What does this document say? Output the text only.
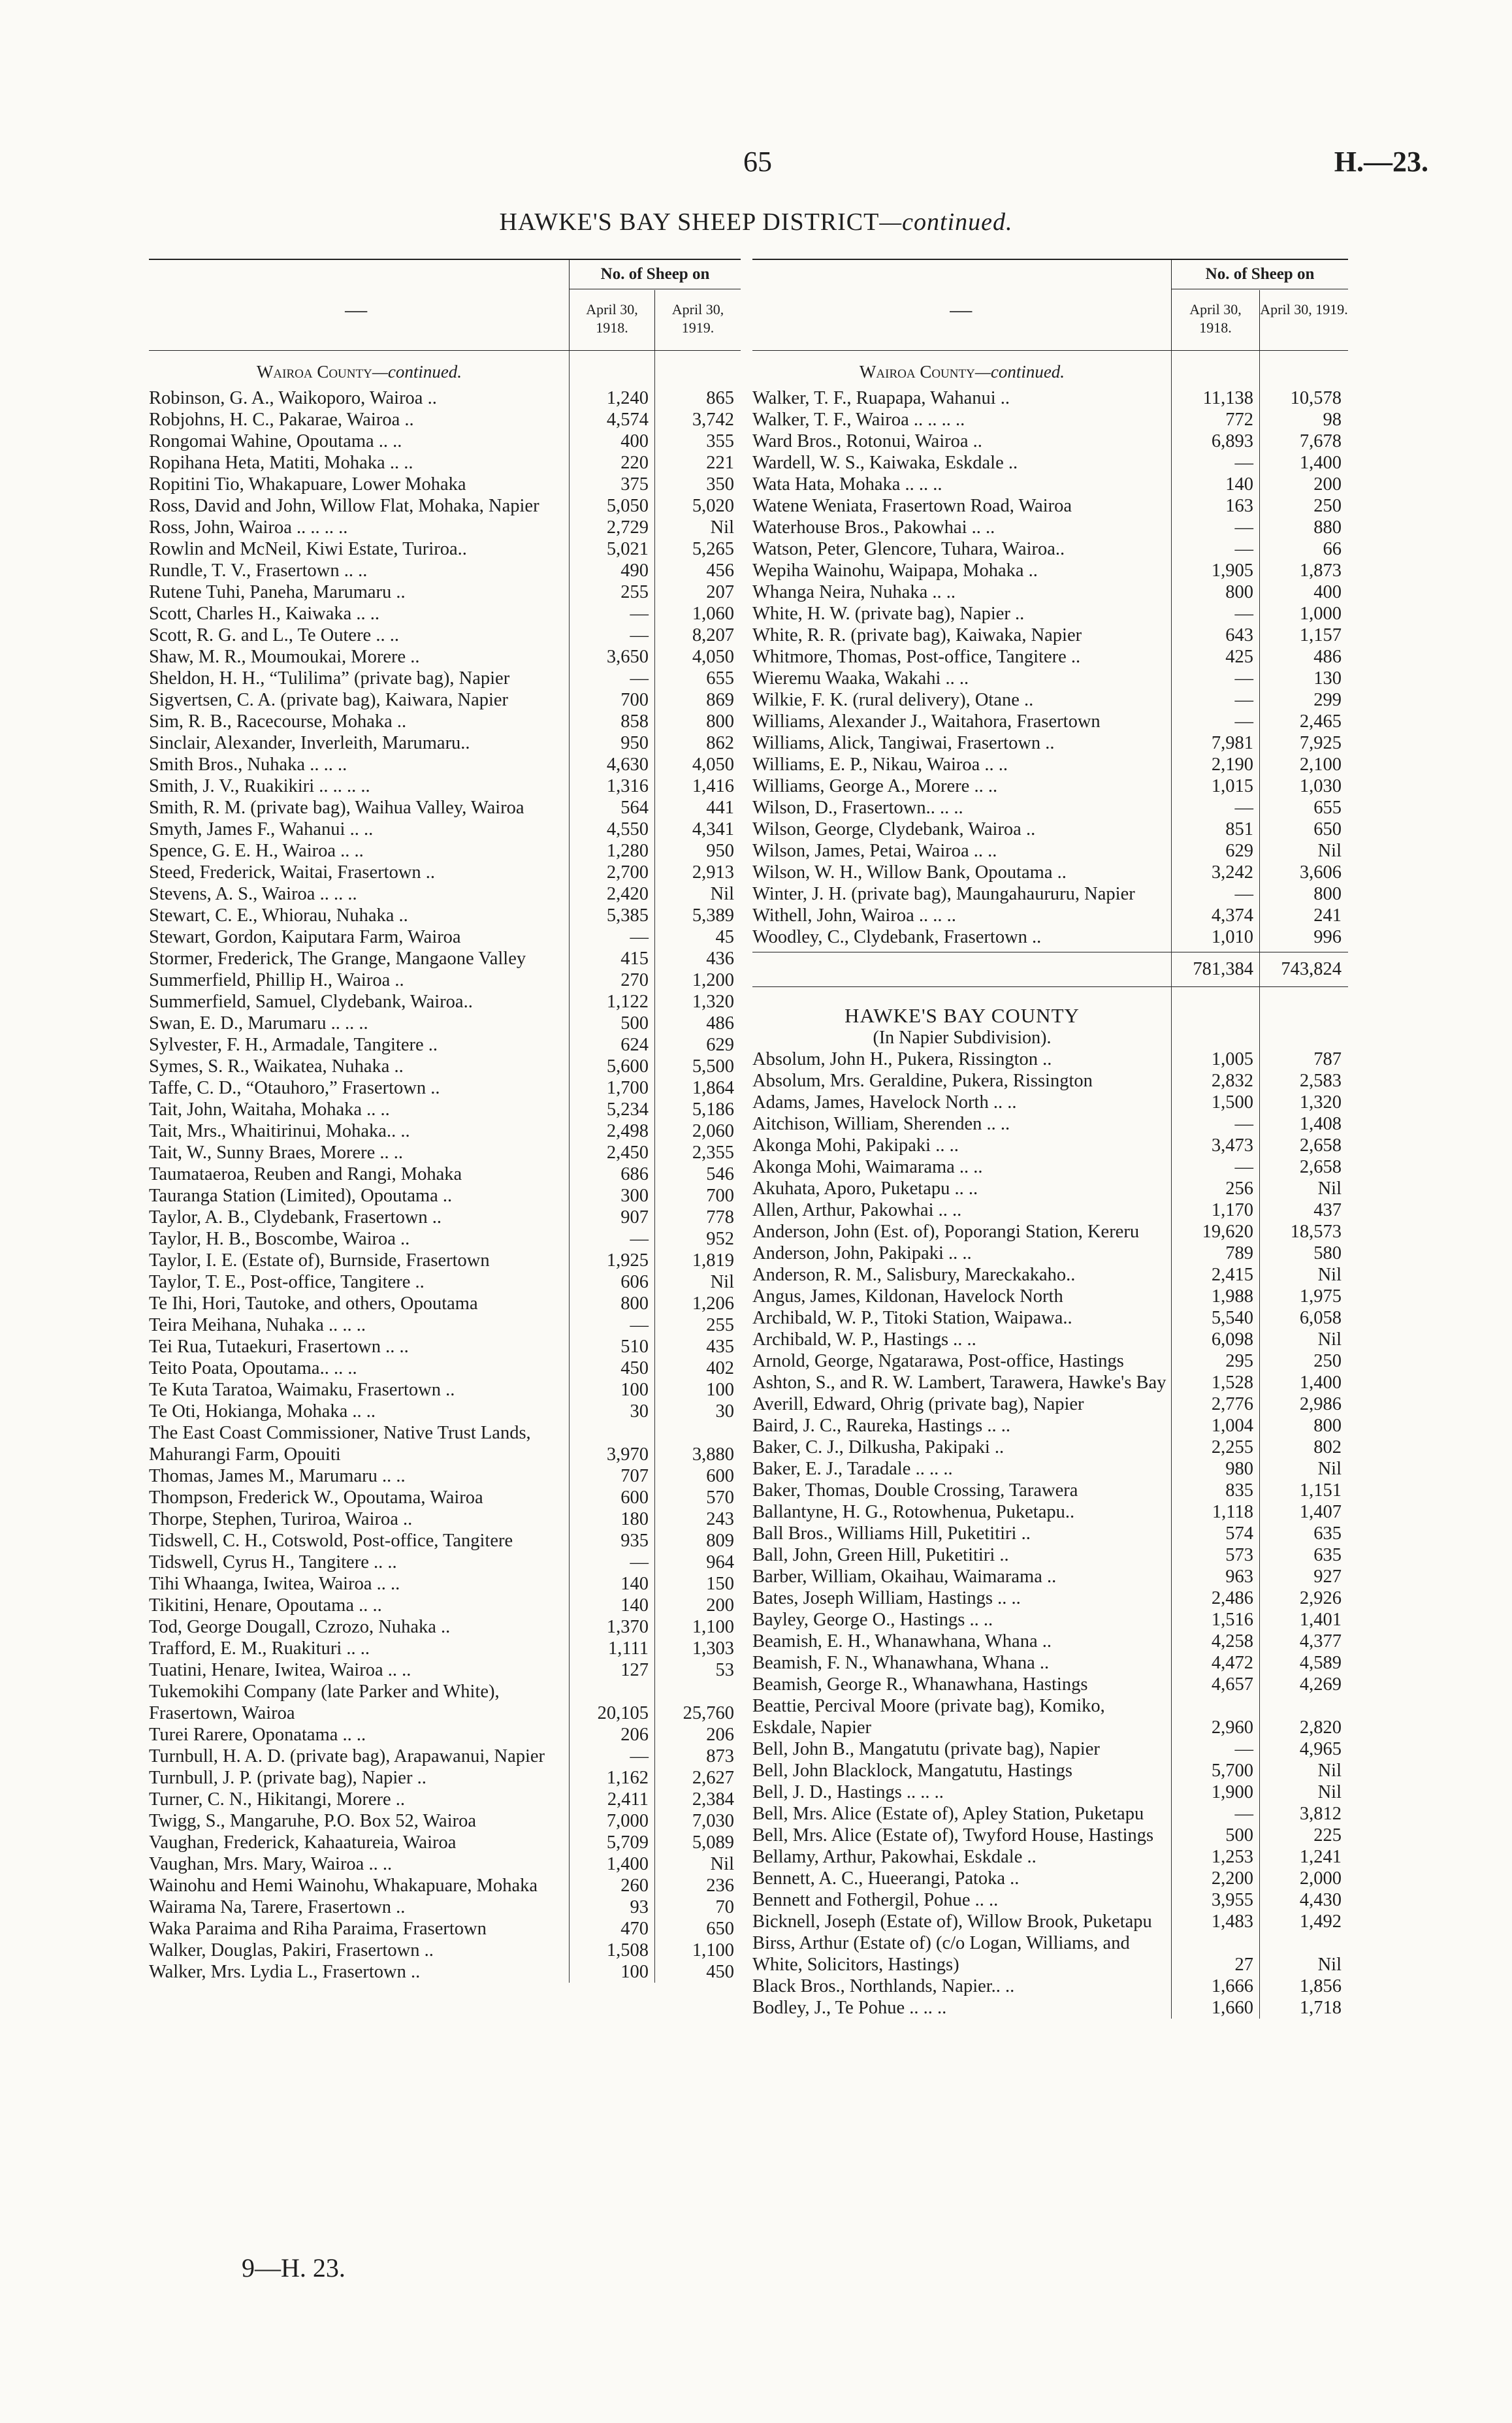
65	H.—23.
HAWKE'S BAY SHEEP DISTRICT—continued.
—
No. of Sheep on
April 30, 1918.
April 30, 1919.
Wairoa County—continued.
Robinson, G. A., Waikoporo, Wairoa ..	1,240	865
Robjohns, H. C., Pakarae, Wairoa ..	4,574	3,742
Rongomai Wahine, Opoutama .. ..	400	355
Ropihana Heta, Matiti, Mohaka .. ..	220	221
Ropitini Tio, Whakapuare, Lower Mohaka	375	350
Ross, David and John, Willow Flat, Mohaka, Napier	5,050	5,020
Ross, John, Wairoa .. .. .. ..	2,729	Nil
Rowlin and McNeil, Kiwi Estate, Turiroa..	5,021	5,265
Rundle, T. V., Frasertown .. ..	490	456
Rutene Tuhi, Paneha, Marumaru ..	255	207
Scott, Charles H., Kaiwaka .. ..	—	1,060
Scott, R. G. and L., Te Outere .. ..	—	8,207
Shaw, M. R., Moumoukai, Morere ..	3,650	4,050
Sheldon, H. H., “Tulilima” (private bag), Napier	—	655
Sigvertsen, C. A. (private bag), Kaiwara, Napier	700	869
Sim, R. B., Racecourse, Mohaka ..	858	800
Sinclair, Alexander, Inverleith, Marumaru..	950	862
Smith Bros., Nuhaka .. .. ..	4,630	4,050
Smith, J. V., Ruakikiri .. .. .. ..	1,316	1,416
Smith, R. M. (private bag), Waihua Valley, Wairoa	564	441
Smyth, James F., Wahanui .. ..	4,550	4,341
Spence, G. E. H., Wairoa .. ..	1,280	950
Steed, Frederick, Waitai, Frasertown ..	2,700	2,913
Stevens, A. S., Wairoa .. .. ..	2,420	Nil
Stewart, C. E., Whiorau, Nuhaka ..	5,385	5,389
Stewart, Gordon, Kaiputara Farm, Wairoa	—	45
Stormer, Frederick, The Grange, Mangaone Valley	415	436
Summerfield, Phillip H., Wairoa ..	270	1,200
Summerfield, Samuel, Clydebank, Wairoa..	1,122	1,320
Swan, E. D., Marumaru .. .. ..	500	486
Sylvester, F. H., Armadale, Tangitere ..	624	629
Symes, S. R., Waikatea, Nuhaka ..	5,600	5,500
Taffe, C. D., “Otauhoro,” Frasertown ..	1,700	1,864
Tait, John, Waitaha, Mohaka .. ..	5,234	5,186
Tait, Mrs., Whaitirinui, Mohaka.. ..	2,498	2,060
Tait, W., Sunny Braes, Morere .. ..	2,450	2,355
Taumataeroa, Reuben and Rangi, Mohaka	686	546
Tauranga Station (Limited), Opoutama ..	300	700
Taylor, A. B., Clydebank, Frasertown ..	907	778
Taylor, H. B., Boscombe, Wairoa ..	—	952
Taylor, I. E. (Estate of), Burnside, Frasertown	1,925	1,819
Taylor, T. E., Post-office, Tangitere ..	606	Nil
Te Ihi, Hori, Tautoke, and others, Opoutama	800	1,206
Teira Meihana, Nuhaka .. .. ..	—	255
Tei Rua, Tutaekuri, Frasertown .. ..	510	435
Teito Poata, Opoutama.. .. ..	450	402
Te Kuta Taratoa, Waimaku, Frasertown ..	100	100
Te Oti, Hokianga, Mohaka .. ..	30	30
The East Coast Commissioner, Native Trust Lands, Mahurangi Farm, Opouiti	3,970	3,880
Thomas, James M., Marumaru .. ..	707	600
Thompson, Frederick W., Opoutama, Wairoa	600	570
Thorpe, Stephen, Turiroa, Wairoa ..	180	243
Tidswell, C. H., Cotswold, Post-office, Tangitere	935	809
Tidswell, Cyrus H., Tangitere .. ..	—	964
Tihi Whaanga, Iwitea, Wairoa .. ..	140	150
Tikitini, Henare, Opoutama .. ..	140	200
Tod, George Dougall, Czrozo, Nuhaka ..	1,370	1,100
Trafford, E. M., Ruakituri .. ..	1,111	1,303
Tuatini, Henare, Iwitea, Wairoa .. ..	127	53
Tukemokihi Company (late Parker and White), Frasertown, Wairoa	20,105	25,760
Turei Rarere, Oponatama .. ..	206	206
Turnbull, H. A. D. (private bag), Arapawanui, Napier	—	873
Turnbull, J. P. (private bag), Napier ..	1,162	2,627
Turner, C. N., Hikitangi, Morere ..	2,411	2,384
Twigg, S., Mangaruhe, P.O. Box 52, Wairoa	7,000	7,030
Vaughan, Frederick, Kahaatureia, Wairoa	5,709	5,089
Vaughan, Mrs. Mary, Wairoa .. ..	1,400	Nil
Wainohu and Hemi Wainohu, Whakapuare, Mohaka	260	236
Wairama Na, Tarere, Frasertown ..	93	70
Waka Paraima and Riha Paraima, Frasertown	470	650
Walker, Douglas, Pakiri, Frasertown ..	1,508	1,100
Walker, Mrs. Lydia L., Frasertown ..	100	450
—
No. of Sheep on
April 30, 1918.
April 30, 1919.
Wairoa County—continued.
Walker, T. F., Ruapapa, Wahanui ..	11,138	10,578
Walker, T. F., Wairoa .. .. .. ..	772	98
Ward Bros., Rotonui, Wairoa ..	6,893	7,678
Wardell, W. S., Kaiwaka, Eskdale ..	—	1,400
Wata Hata, Mohaka .. .. ..	140	200
Watene Weniata, Frasertown Road, Wairoa	163	250
Waterhouse Bros., Pakowhai .. ..	—	880
Watson, Peter, Glencore, Tuhara, Wairoa..	—	66
Wepiha Wainohu, Waipapa, Mohaka ..	1,905	1,873
Whanga Neira, Nuhaka .. ..	800	400
White, H. W. (private bag), Napier ..	—	1,000
White, R. R. (private bag), Kaiwaka, Napier	643	1,157
Whitmore, Thomas, Post-office, Tangitere ..	425	486
Wieremu Waaka, Wakahi .. ..	—	130
Wilkie, F. K. (rural delivery), Otane ..	—	299
Williams, Alexander J., Waitahora, Frasertown	—	2,465
Williams, Alick, Tangiwai, Frasertown ..	7,981	7,925
Williams, E. P., Nikau, Wairoa .. ..	2,190	2,100
Williams, George A., Morere .. ..	1,015	1,030
Wilson, D., Frasertown.. .. ..	—	655
Wilson, George, Clydebank, Wairoa ..	851	650
Wilson, James, Petai, Wairoa .. ..	629	Nil
Wilson, W. H., Willow Bank, Opoutama ..	3,242	3,606
Winter, J. H. (private bag), Maungahaururu, Napier	—	800
Withell, John, Wairoa .. .. ..	4,374	241
Woodley, C., Clydebank, Frasertown ..	1,010	996
781,384	743,824
HAWKE'S BAY COUNTY
(In Napier Subdivision).
Absolum, John H., Pukera, Rissington ..	1,005	787
Absolum, Mrs. Geraldine, Pukera, Rissington	2,832	2,583
Adams, James, Havelock North .. ..	1,500	1,320
Aitchison, William, Sherenden .. ..	—	1,408
Akonga Mohi, Pakipaki .. ..	3,473	2,658
Akonga Mohi, Waimarama .. ..	—	2,658
Akuhata, Aporo, Puketapu .. ..	256	Nil
Allen, Arthur, Pakowhai .. ..	1,170	437
Anderson, John (Est. of), Poporangi Station, Kereru	19,620	18,573
Anderson, John, Pakipaki .. ..	789	580
Anderson, R. M., Salisbury, Mareckakaho..	2,415	Nil
Angus, James, Kildonan, Havelock North	1,988	1,975
Archibald, W. P., Titoki Station, Waipawa..	5,540	6,058
Archibald, W. P., Hastings .. ..	6,098	Nil
Arnold, George, Ngatarawa, Post-office, Hastings	295	250
Ashton, S., and R. W. Lambert, Tarawera, Hawke's Bay	1,528	1,400
Averill, Edward, Ohrig (private bag), Napier	2,776	2,986
Baird, J. C., Raureka, Hastings .. ..	1,004	800
Baker, C. J., Dilkusha, Pakipaki ..	2,255	802
Baker, E. J., Taradale .. .. ..	980	Nil
Baker, Thomas, Double Crossing, Tarawera	835	1,151
Ballantyne, H. G., Rotowhenua, Puketapu..	1,118	1,407
Ball Bros., Williams Hill, Puketitiri ..	574	635
Ball, John, Green Hill, Puketitiri ..	573	635
Barber, William, Okaihau, Waimarama ..	963	927
Bates, Joseph William, Hastings .. ..	2,486	2,926
Bayley, George O., Hastings .. ..	1,516	1,401
Beamish, E. H., Whanawhana, Whana ..	4,258	4,377
Beamish, F. N., Whanawhana, Whana ..	4,472	4,589
Beamish, George R., Whanawhana, Hastings	4,657	4,269
Beattie, Percival Moore (private bag), Komiko, Eskdale, Napier	2,960	2,820
Bell, John B., Mangatutu (private bag), Napier	—	4,965
Bell, John Blacklock, Mangatutu, Hastings	5,700	Nil
Bell, J. D., Hastings .. .. ..	1,900	Nil
Bell, Mrs. Alice (Estate of), Apley Station, Puketapu	—	3,812
Bell, Mrs. Alice (Estate of), Twyford House, Hastings	500	225
Bellamy, Arthur, Pakowhai, Eskdale ..	1,253	1,241
Bennett, A. C., Hueerangi, Patoka ..	2,200	2,000
Bennett and Fothergil, Pohue .. ..	3,955	4,430
Bicknell, Joseph (Estate of), Willow Brook, Puketapu	1,483	1,492
Birss, Arthur (Estate of) (c/o Logan, Williams, and White, Solicitors, Hastings)	27	Nil
Black Bros., Northlands, Napier.. ..	1,666	1,856
Bodley, J., Te Pohue .. .. ..	1,660	1,718
9—H. 23.
